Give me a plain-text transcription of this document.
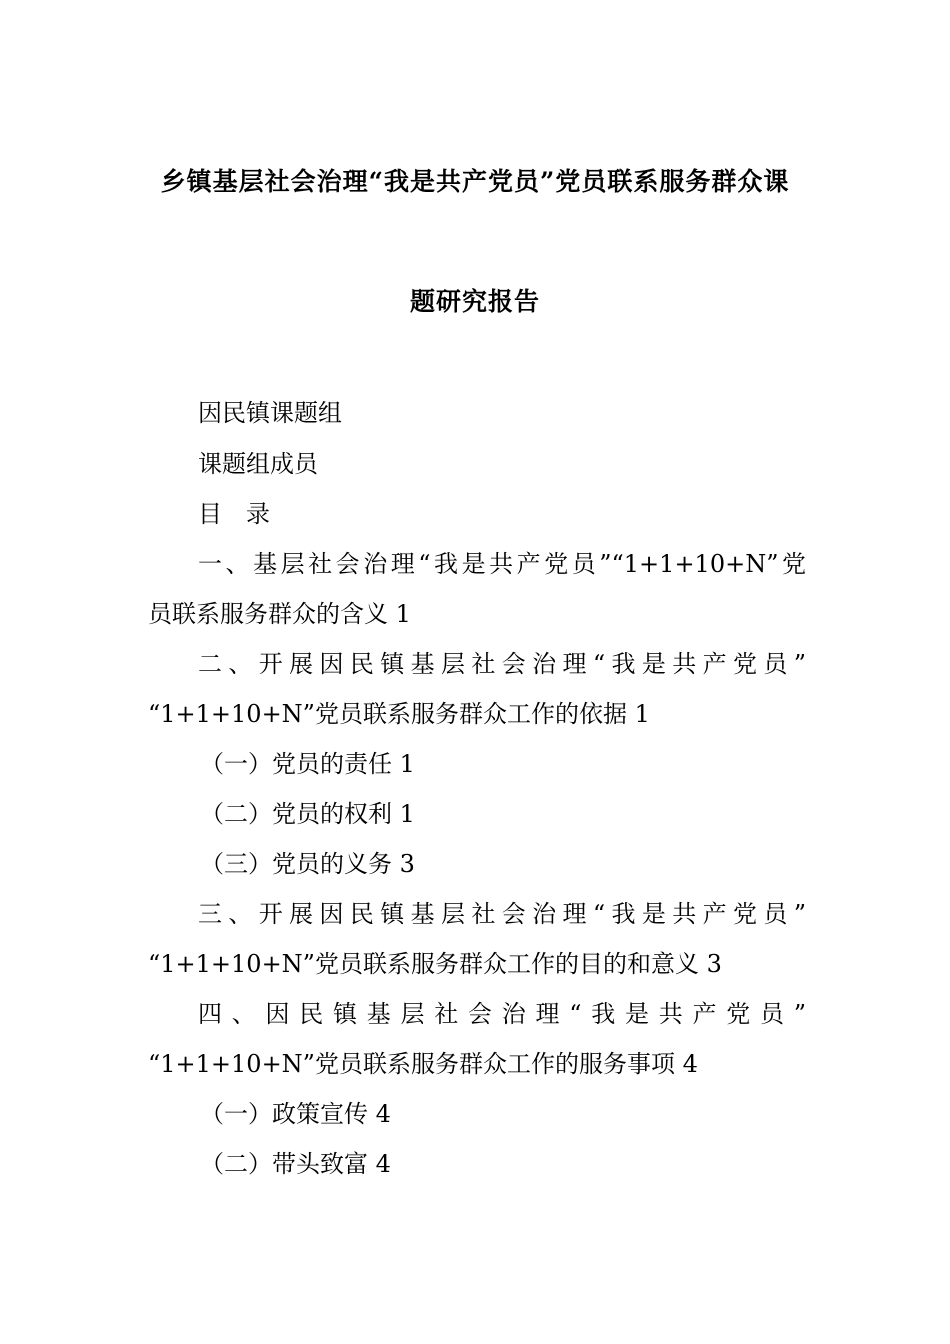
乡镇基层社会治理“我是共产党员”党员联系服务群众课
题研究报告
因民镇课题组
课题组成员
目　录
一、基层社会治理“我是共产党员”“1+1+10+N”党
员联系服务群众的含义 1
二、开展因民镇基层社会治理“我是共产党员”
“1+1+10+N”党员联系服务群众工作的依据 1
（一）党员的责任 1
（二）党员的权利 1
（三）党员的义务 3
三、开展因民镇基层社会治理“我是共产党员”
“1+1+10+N”党员联系服务群众工作的目的和意义 3
四、因民镇基层社会治理“我是共产党员”
“1+1+10+N”党员联系服务群众工作的服务事项 4
（一）政策宣传 4
（二）带头致富 4
